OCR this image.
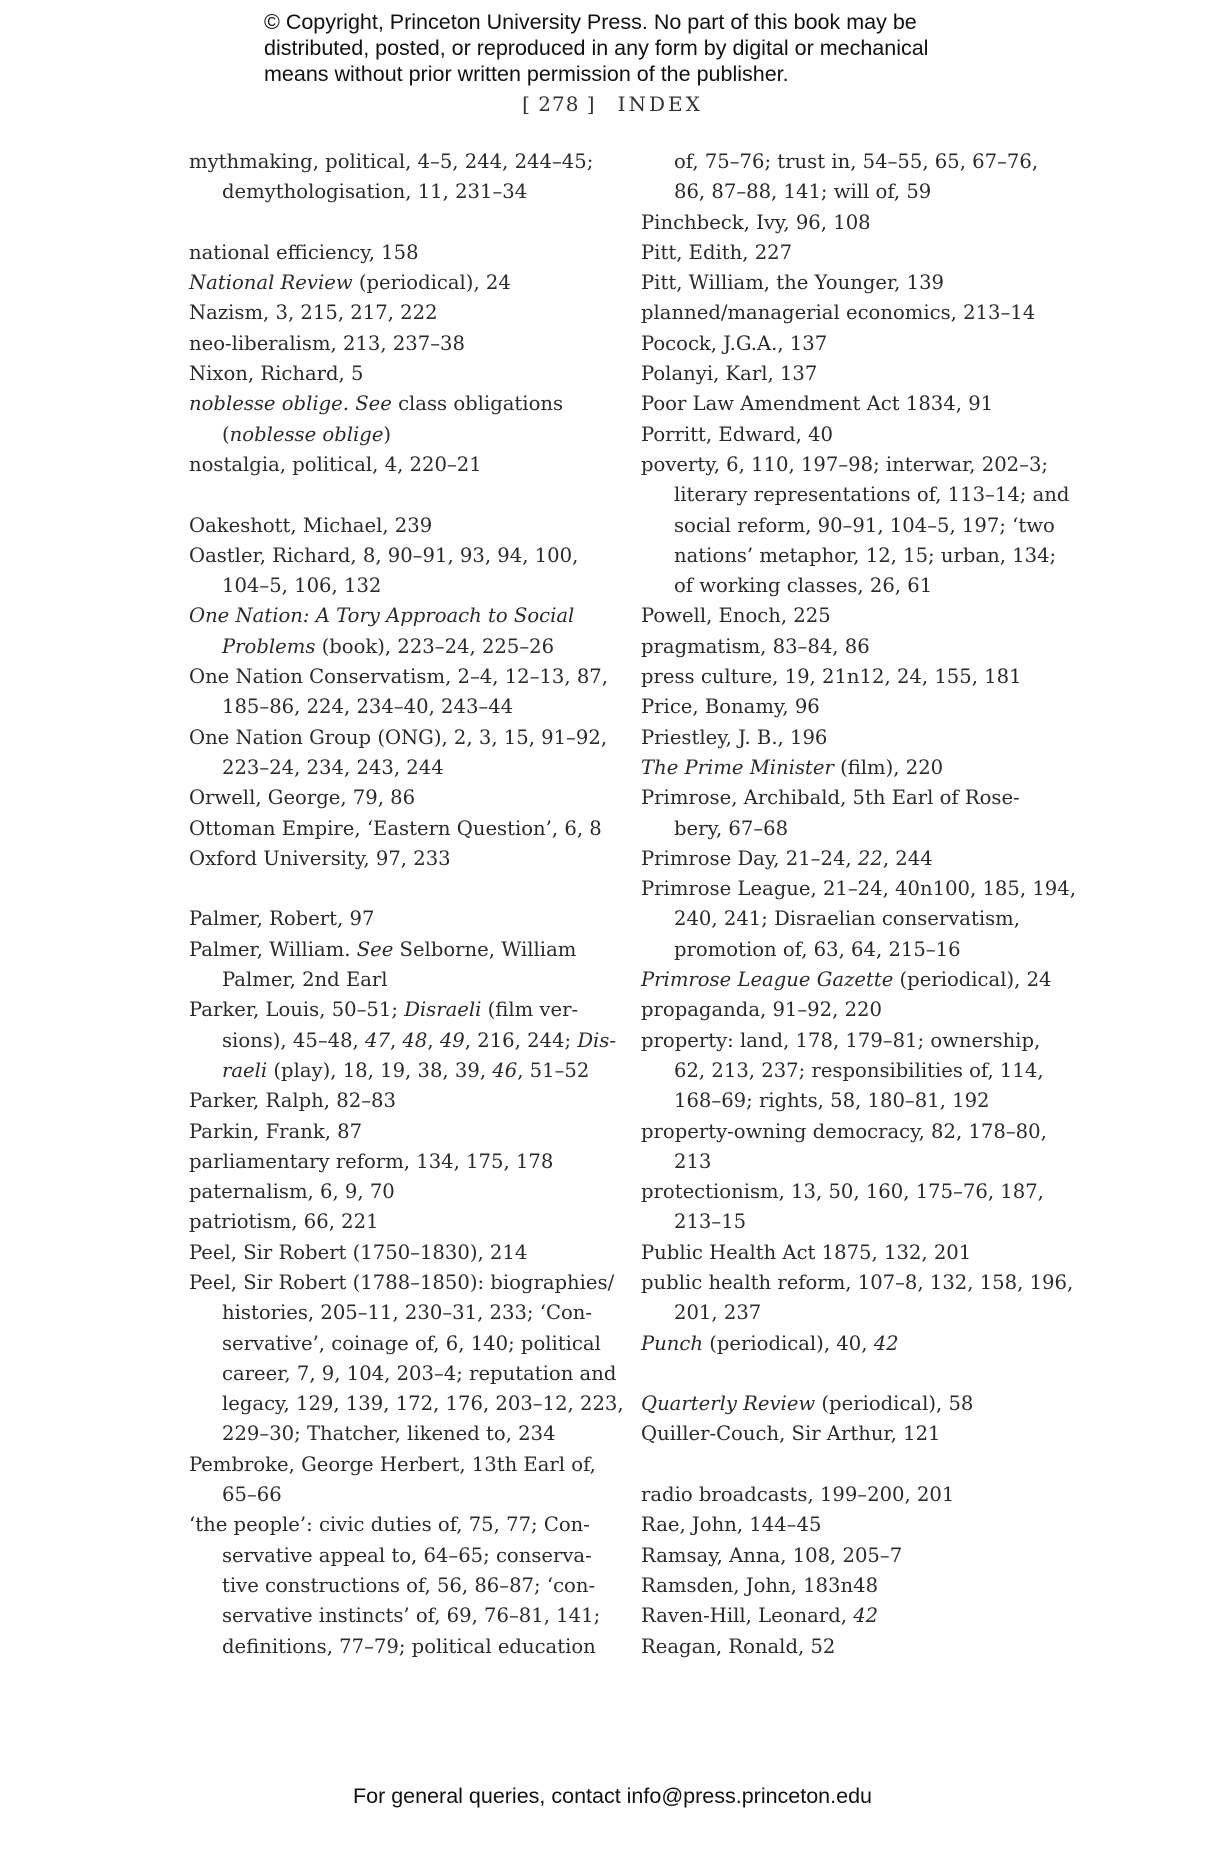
© Copyright, Princeton University Press. No part of this book may be
distributed, posted, or reproduced in any form by digital or mechanical
means without prior written permission of the publisher.
[ 278 ] INDEX
mythmaking, political, 4–5, 244, 244–45;
demythologisation, 11, 231–34
national efficiency, 158
National Review (periodical), 24
Nazism, 3, 215, 217, 222
neo-liberalism, 213, 237–38
Nixon, Richard, 5
noblesse oblige. See class obligations
(noblesse oblige)
nostalgia, political, 4, 220–21
Oakeshott, Michael, 239
Oastler, Richard, 8, 90–91, 93, 94, 100,
104–5, 106, 132
One Nation: A Tory Approach to Social
Problems (book), 223–24, 225–26
One Nation Conservatism, 2–4, 12–13, 87,
185–86, 224, 234–40, 243–44
One Nation Group (ONG), 2, 3, 15, 91–92,
223–24, 234, 243, 244
Orwell, George, 79, 86
Ottoman Empire, ‘Eastern Question’, 6, 8
Oxford University, 97, 233
Palmer, Robert, 97
Palmer, William. See Selborne, William
Palmer, 2nd Earl
Parker, Louis, 50–51; Disraeli (film ver-
sions), 45–48, 47, 48, 49, 216, 244; Dis-
raeli (play), 18, 19, 38, 39, 46, 51–52
Parker, Ralph, 82–83
Parkin, Frank, 87
parliamentary reform, 134, 175, 178
paternalism, 6, 9, 70
patriotism, 66, 221
Peel, Sir Robert (1750–1830), 214
Peel, Sir Robert (1788–1850): biographies/
histories, 205–11, 230–31, 233; ‘Con-
servative’, coinage of, 6, 140; political
career, 7, 9, 104, 203–4; reputation and
legacy, 129, 139, 172, 176, 203–12, 223,
229–30; Thatcher, likened to, 234
Pembroke, George Herbert, 13th Earl of,
65–66
‘the people’: civic duties of, 75, 77; Con-
servative appeal to, 64–65; conserva-
tive constructions of, 56, 86–87; ‘con-
servative instincts’ of, 69, 76–81, 141;
definitions, 77–79; political education
of, 75–76; trust in, 54–55, 65, 67–76,
86, 87–88, 141; will of, 59
Pinchbeck, Ivy, 96, 108
Pitt, Edith, 227
Pitt, William, the Younger, 139
planned/managerial economics, 213–14
Pocock, J.G.A., 137
Polanyi, Karl, 137
Poor Law Amendment Act 1834, 91
Porritt, Edward, 40
poverty, 6, 110, 197–98; interwar, 202–3;
literary representations of, 113–14; and
social reform, 90–91, 104–5, 197; ‘two
nations’ metaphor, 12, 15; urban, 134;
of working classes, 26, 61
Powell, Enoch, 225
pragmatism, 83–84, 86
press culture, 19, 21n12, 24, 155, 181
Price, Bonamy, 96
Priestley, J. B., 196
The Prime Minister (film), 220
Primrose, Archibald, 5th Earl of Rose-
bery, 67–68
Primrose Day, 21–24, 22, 244
Primrose League, 21–24, 40n100, 185, 194,
240, 241; Disraelian conservatism,
promotion of, 63, 64, 215–16
Primrose League Gazette (periodical), 24
propaganda, 91–92, 220
property: land, 178, 179–81; ownership,
62, 213, 237; responsibilities of, 114,
168–69; rights, 58, 180–81, 192
property-owning democracy, 82, 178–80,
213
protectionism, 13, 50, 160, 175–76, 187,
213–15
Public Health Act 1875, 132, 201
public health reform, 107–8, 132, 158, 196,
201, 237
Punch (periodical), 40, 42
Quarterly Review (periodical), 58
Quiller-Couch, Sir Arthur, 121
radio broadcasts, 199–200, 201
Rae, John, 144–45
Ramsay, Anna, 108, 205–7
Ramsden, John, 183n48
Raven-Hill, Leonard, 42
Reagan, Ronald, 52
For general queries, contact info@press.princeton.edu
